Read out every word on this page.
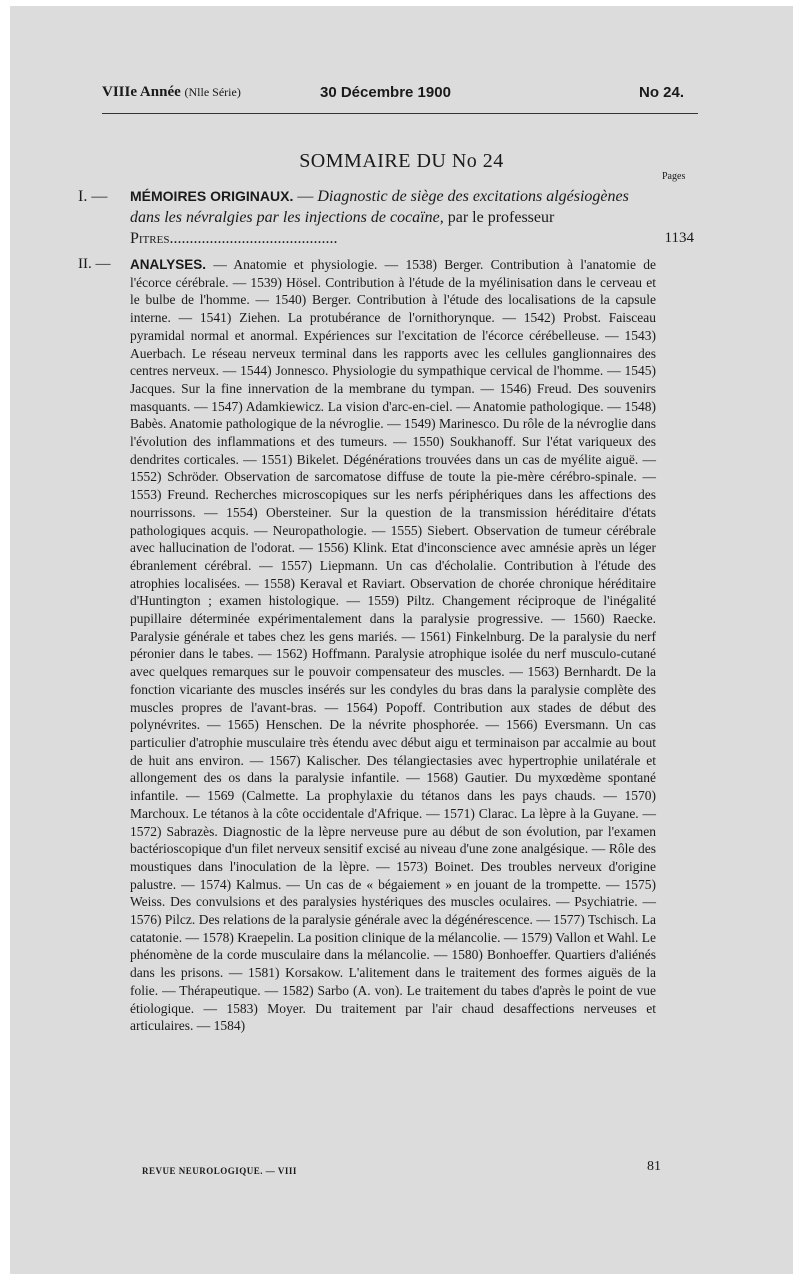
VIIIe Année (Nlle Série)	30 Décembre 1900	No 24.
SOMMAIRE DU No 24
Pages
I. — MÉMOIRES ORIGINAUX. — Diagnostic de siège des excitations algésiogènes dans les névralgies par les injections de cocaïne, par le professeur Pitres..........................................	1134
II. — ANALYSES. — Anatomie et physiologie. — 1538) Berger. Contribution à l'anatomie de l'écorce cérébrale. — 1539) Hösel. Contribution à l'étude de la myélinisation dans le cerveau et le bulbe de l'homme. — 1540) Berger. Contribution à l'étude des localisations de la capsule interne. — 1541) Ziehen. La protubérance de l'ornithorynque. — 1542) Probst. Faisceau pyramidal normal et anormal. Expériences sur l'excitation de l'écorce cérébelleuse. — 1543) Auerbach. Le réseau nerveux terminal dans les rapports avec les cellules ganglionnaires des centres nerveux. — 1544) Jonnesco. Physiologie du sympathique cervical de l'homme. — 1545) Jacques. Sur la fine innervation de la membrane du tympan. — 1546) Freud. Des souvenirs masquants. — 1547) Adamkiewicz. La vision d'arc-en-ciel. — Anatomie pathologique. — 1548) Babès. Anatomie pathologique de la névroglie. — 1549) Marinesco. Du rôle de la névroglie dans l'évolution des inflammations et des tumeurs. — 1550) Soukhanoff. Sur l'état variqueux des dendrites corticales. — 1551) Bikelet. Dégénérations trouvées dans un cas de myélite aiguë. — 1552) Schröder. Observation de sarcomatose diffuse de toute la pie-mère cérébro-spinale. — 1553) Freund. Recherches microscopiques sur les nerfs périphériques dans les affections des nourrissons. — 1554) Obersteiner. Sur la question de la transmission héréditaire d'états pathologiques acquis. — Neuropathologie. — 1555) Siebert. Observation de tumeur cérébrale avec hallucination de l'odorat. — 1556) Klink. Etat d'inconscience avec amnésie après un léger ébranlement cérébral. — 1557) Liepmann. Un cas d'écholalie. Contribution à l'étude des atrophies localisées. — 1558) Keraval et Raviart. Observation de chorée chronique héréditaire d'Huntington ; examen histologique. — 1559) Piltz. Changement réciproque de l'inégalité pupillaire déterminée expérimentalement dans la paralysie progressive. — 1560) Raecke. Paralysie générale et tabes chez les gens mariés. — 1561) Finkelnburg. De la paralysie du nerf péronier dans le tabes. — 1562) Hoffmann. Paralysie atrophique isolée du nerf musculo-cutané avec quelques remarques sur le pouvoir compensateur des muscles. — 1563) Bernhardt. De la fonction vicariante des muscles insérés sur les condyles du bras dans la paralysie complète des muscles propres de l'avant-bras. — 1564) Popoff. Contribution aux stades de début des polynévrites. — 1565) Henschen. De la névrite phosphorée. — 1566) Eversmann. Un cas particulier d'atrophie musculaire très étendu avec début aigu et terminaison par accalmie au bout de huit ans environ. — 1567) Kalischer. Des télangiectasies avec hypertrophie unilatérale et allongement des os dans la paralysie infantile. — 1568) Gautier. Du myxœdème spontané infantile. — 1569 (Calmette. La prophylaxie du tétanos dans les pays chauds. — 1570) Marchoux. Le tétanos à la côte occidentale d'Afrique. — 1571) Clarac. La lèpre à la Guyane. — 1572) Sabrazès. Diagnostic de la lèpre nerveuse pure au début de son évolution, par l'examen bactérioscopique d'un filet nerveux sensitif excisé au niveau d'une zone analgésique. — Rôle des moustiques dans l'inoculation de la lèpre. — 1573) Boinet. Des troubles nerveux d'origine palustre. — 1574) Kalmus. — Un cas de « bégaiement » en jouant de la trompette. — 1575) Weiss. Des convulsions et des paralysies hystériques des muscles oculaires. — Psychiatrie. — 1576) Pilcz. Des relations de la paralysie générale avec la dégénérescence. — 1577) Tschisch. La catatonie. — 1578) Kraepelin. La position clinique de la mélancolie. — 1579) Vallon et Wahl. Le phénomène de la corde musculaire dans la mélancolie. — 1580) Bonhoeffer. Quartiers d'aliénés dans les prisons. — 1581) Korsakow. L'alitement dans le traitement des formes aiguës de la folie. — Thérapeutique. — 1582) Sarbo (A. von). Le traitement du tabes d'après le point de vue étiologique. — 1583) Moyer. Du traitement par l'air chaud desaffections nerveuses et articulaires. — 1584)
REVUE NEUROLOGIQUE. — VIII	81
